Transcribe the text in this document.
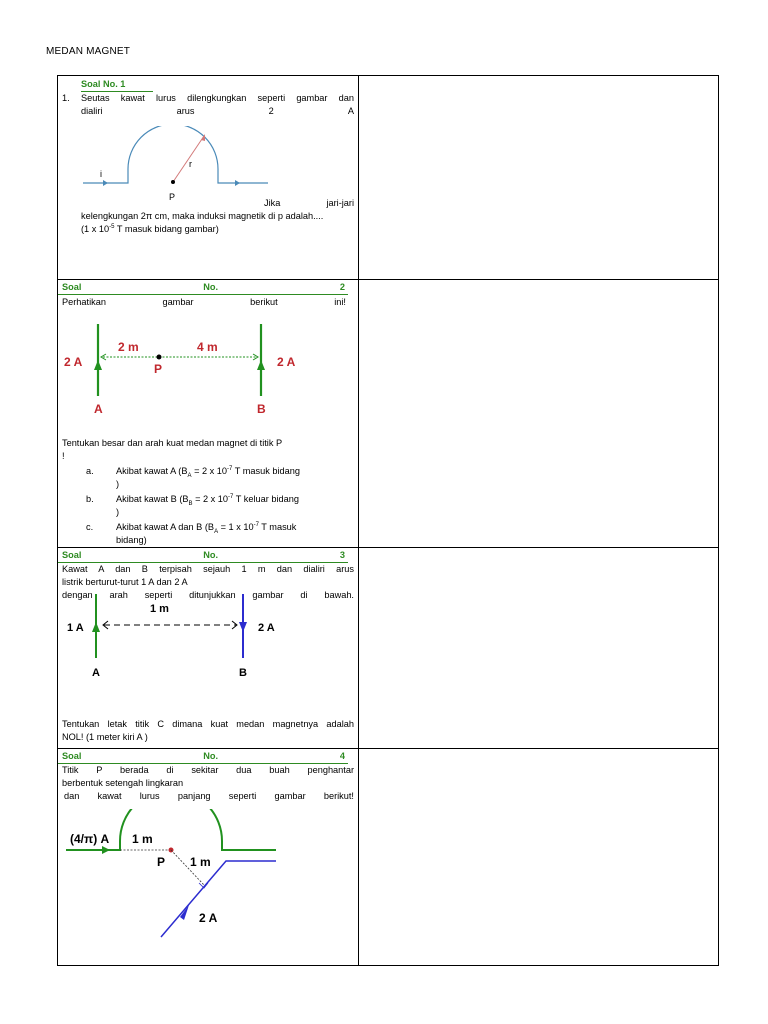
MEDAN MAGNET
Soal No. 1
1.	Seutas kawat lurus dilengkungkan seperti gambar dan
dialiri	arus	2	A
i
r
P
Jika	jari-jari
kelengkungan 2π cm, maka induksi magnetik di p adalah....
(1 x $10^{-5}$ T masuk bidang gambar)
Soal	No.	2
Perhatikan	gambar	berikut	ini!
2 A	2 A
2 m	4 m
P
A	B
Tentukan besar dan arah kuat medan magnet di titik P
!
a.	Akibat kawat A ($B_A = 2$ x $10^{-7}$ T masuk bidang
)
b.	Akibat kawat B ($B_B = 2$ x $10^{-7}$ T keluar bidang
)
c.	Akibat kawat A dan B ($B_A = 1$ x $10^{-7}$ T masuk
bidang)
Soal	No.	3
Kawat A dan B terpisah sejauh 1 m dan dialiri arus
listrik berturut-turut 1 A dan 2 A
dengan arah seperti ditunjukkan gambar di bawah.
1 m
1 A	2 A
A	B
Tentukan letak titik C dimana kuat medan magnetnya adalah
NOL! (1 meter kiri A )
Soal	No.	4
Titik P berada di sekitar dua buah penghantar
berbentuk setengah lingkaran
dan kawat lurus panjang seperti gambar berikut!
(4/π) A 1 m
P 1 m
2 A
